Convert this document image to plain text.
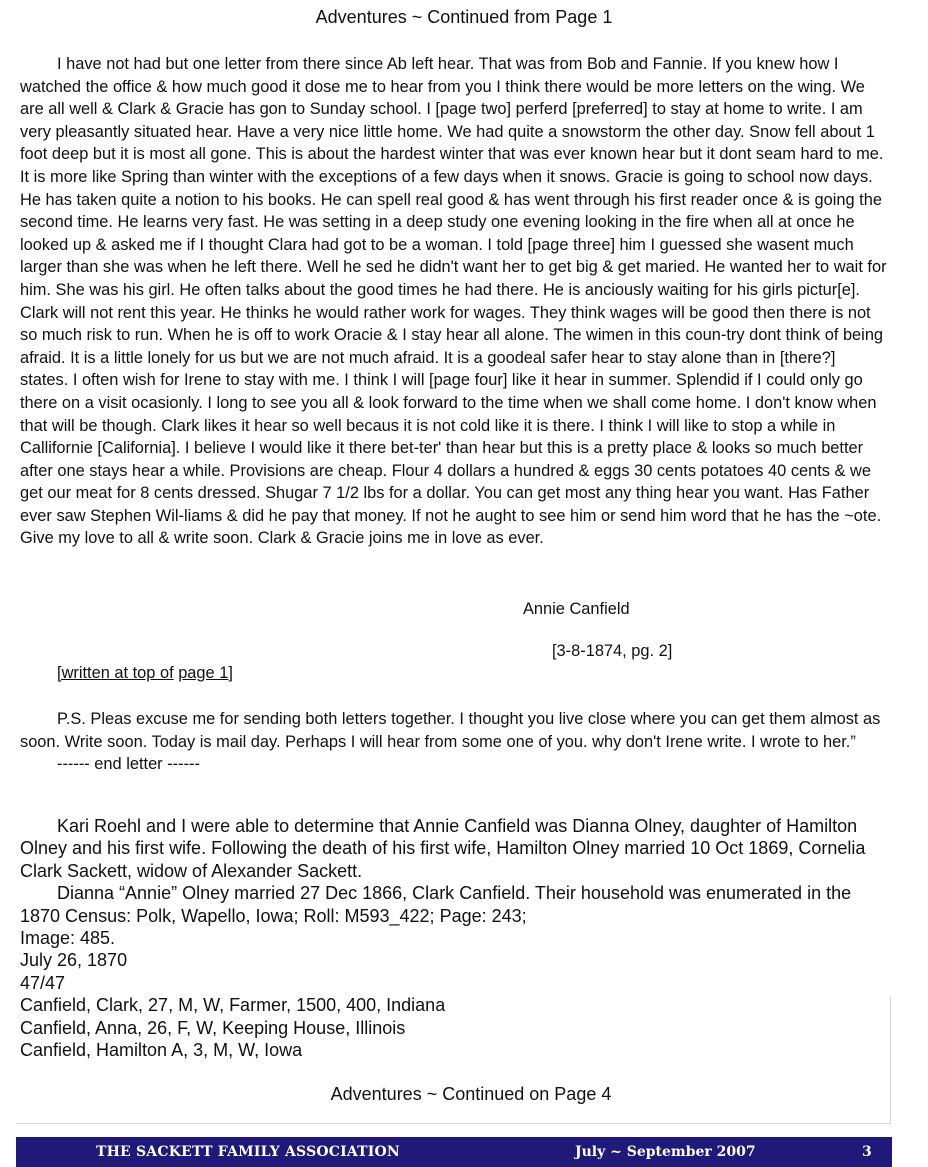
Adventures ~ Continued from Page 1

I have not had but one letter from there since Ab left hear. That was from Bob and Fannie. If you knew how I watched the office & how much good it dose me to hear from you I think there would be more letters on the wing. We are all well & Clark & Gracie has gon to Sunday school. I [page two] perferd [preferred] to stay at home to write. I am very pleasantly situated hear. Have a very nice little home. We had quite a snowstorm the other day. Snow fell about 1 foot deep but it is most all gone. This is about the hardest winter that was ever known hear but it dont seam hard to me. It is more like Spring than winter with the exceptions of a few days when it snows. Gracie is going to school now days. He has taken quite a notion to his books. He can spell real good & has went through his first reader once & is going the second time. He learns very fast. He was setting in a deep study one evening looking in the fire when all at once he looked up & asked me if I thought Clara had got to be a woman. I told [page three] him I guessed she wasent much larger than she was when he left there. Well he sed he didn't want her to get big & get maried. He wanted her to wait for him. She was his girl. He often talks about the good times he had there. He is anciously waiting for his girls pictur[e]. Clark will not rent this year. He thinks he would rather work for wages. They think wages will be good then there is not so much risk to run. When he is off to work Oracie & I stay hear all alone. The wimen in this coun-try dont think of being afraid. It is a little lonely for us but we are not much afraid. It is a goodeal safer hear to stay alone than in [there?] states. I often wish for Irene to stay with me. I think I will [page four] like it hear in summer. Splendid if I could only go there on a visit ocasionly. I long to see you all & look forward to the time when we shall come home. I don't know when that will be though. Clark likes it hear so well becaus it is not cold like it is there. I think I will like to stop a while in Callifornie [California]. I believe I would like it there bet-ter' than hear but this is a pretty place & looks so much better after one stays hear a while. Provisions are cheap. Flour 4 dollars a hundred & eggs 30 cents potatoes 40 cents & we get our meat for 8 cents dressed. Shugar 7 1/2 lbs for a dollar. You can get most any thing hear you want. Has Father ever saw Stephen Wil-liams & did he pay that money. If not he aught to see him or send him word that he has the ~ote. Give my love to all & write soon. Clark & Gracie joins me in love as ever.

Annie Canfield
[3-8-1874, pg. 2]
[written at top of page 1]

P.S. Pleas excuse me for sending both letters together. I thought you live close where you can get them almost as soon. Write soon. Today is mail day. Perhaps I will hear from some one of you. why don't Irene write. I wrote to her.”

------ end letter ------

Kari Roehl and I were able to determine that Annie Canfield was Dianna Olney, daughter of Hamilton Olney and his first wife. Following the death of his first wife, Hamilton Olney married 10 Oct 1869, Cornelia Clark Sackett, widow of Alexander Sackett.

Dianna “Annie” Olney married 27 Dec 1866, Clark Canfield. Their household was enumerated in the 1870 Census: Polk, Wapello, Iowa; Roll: M593_422; Page: 243;

Image: 485.
July 26, 1870
47/47
Canfield, Clark, 27, M, W, Farmer, 1500, 400, Indiana
Canfield, Anna, 26, F, W, Keeping House, Illinois
Canfield, Hamilton A, 3, M, W, Iowa
Adventures ~ Continued on Page 4
THE SACKETT FAMILY ASSOCIATION	July ~ September 2007	3
